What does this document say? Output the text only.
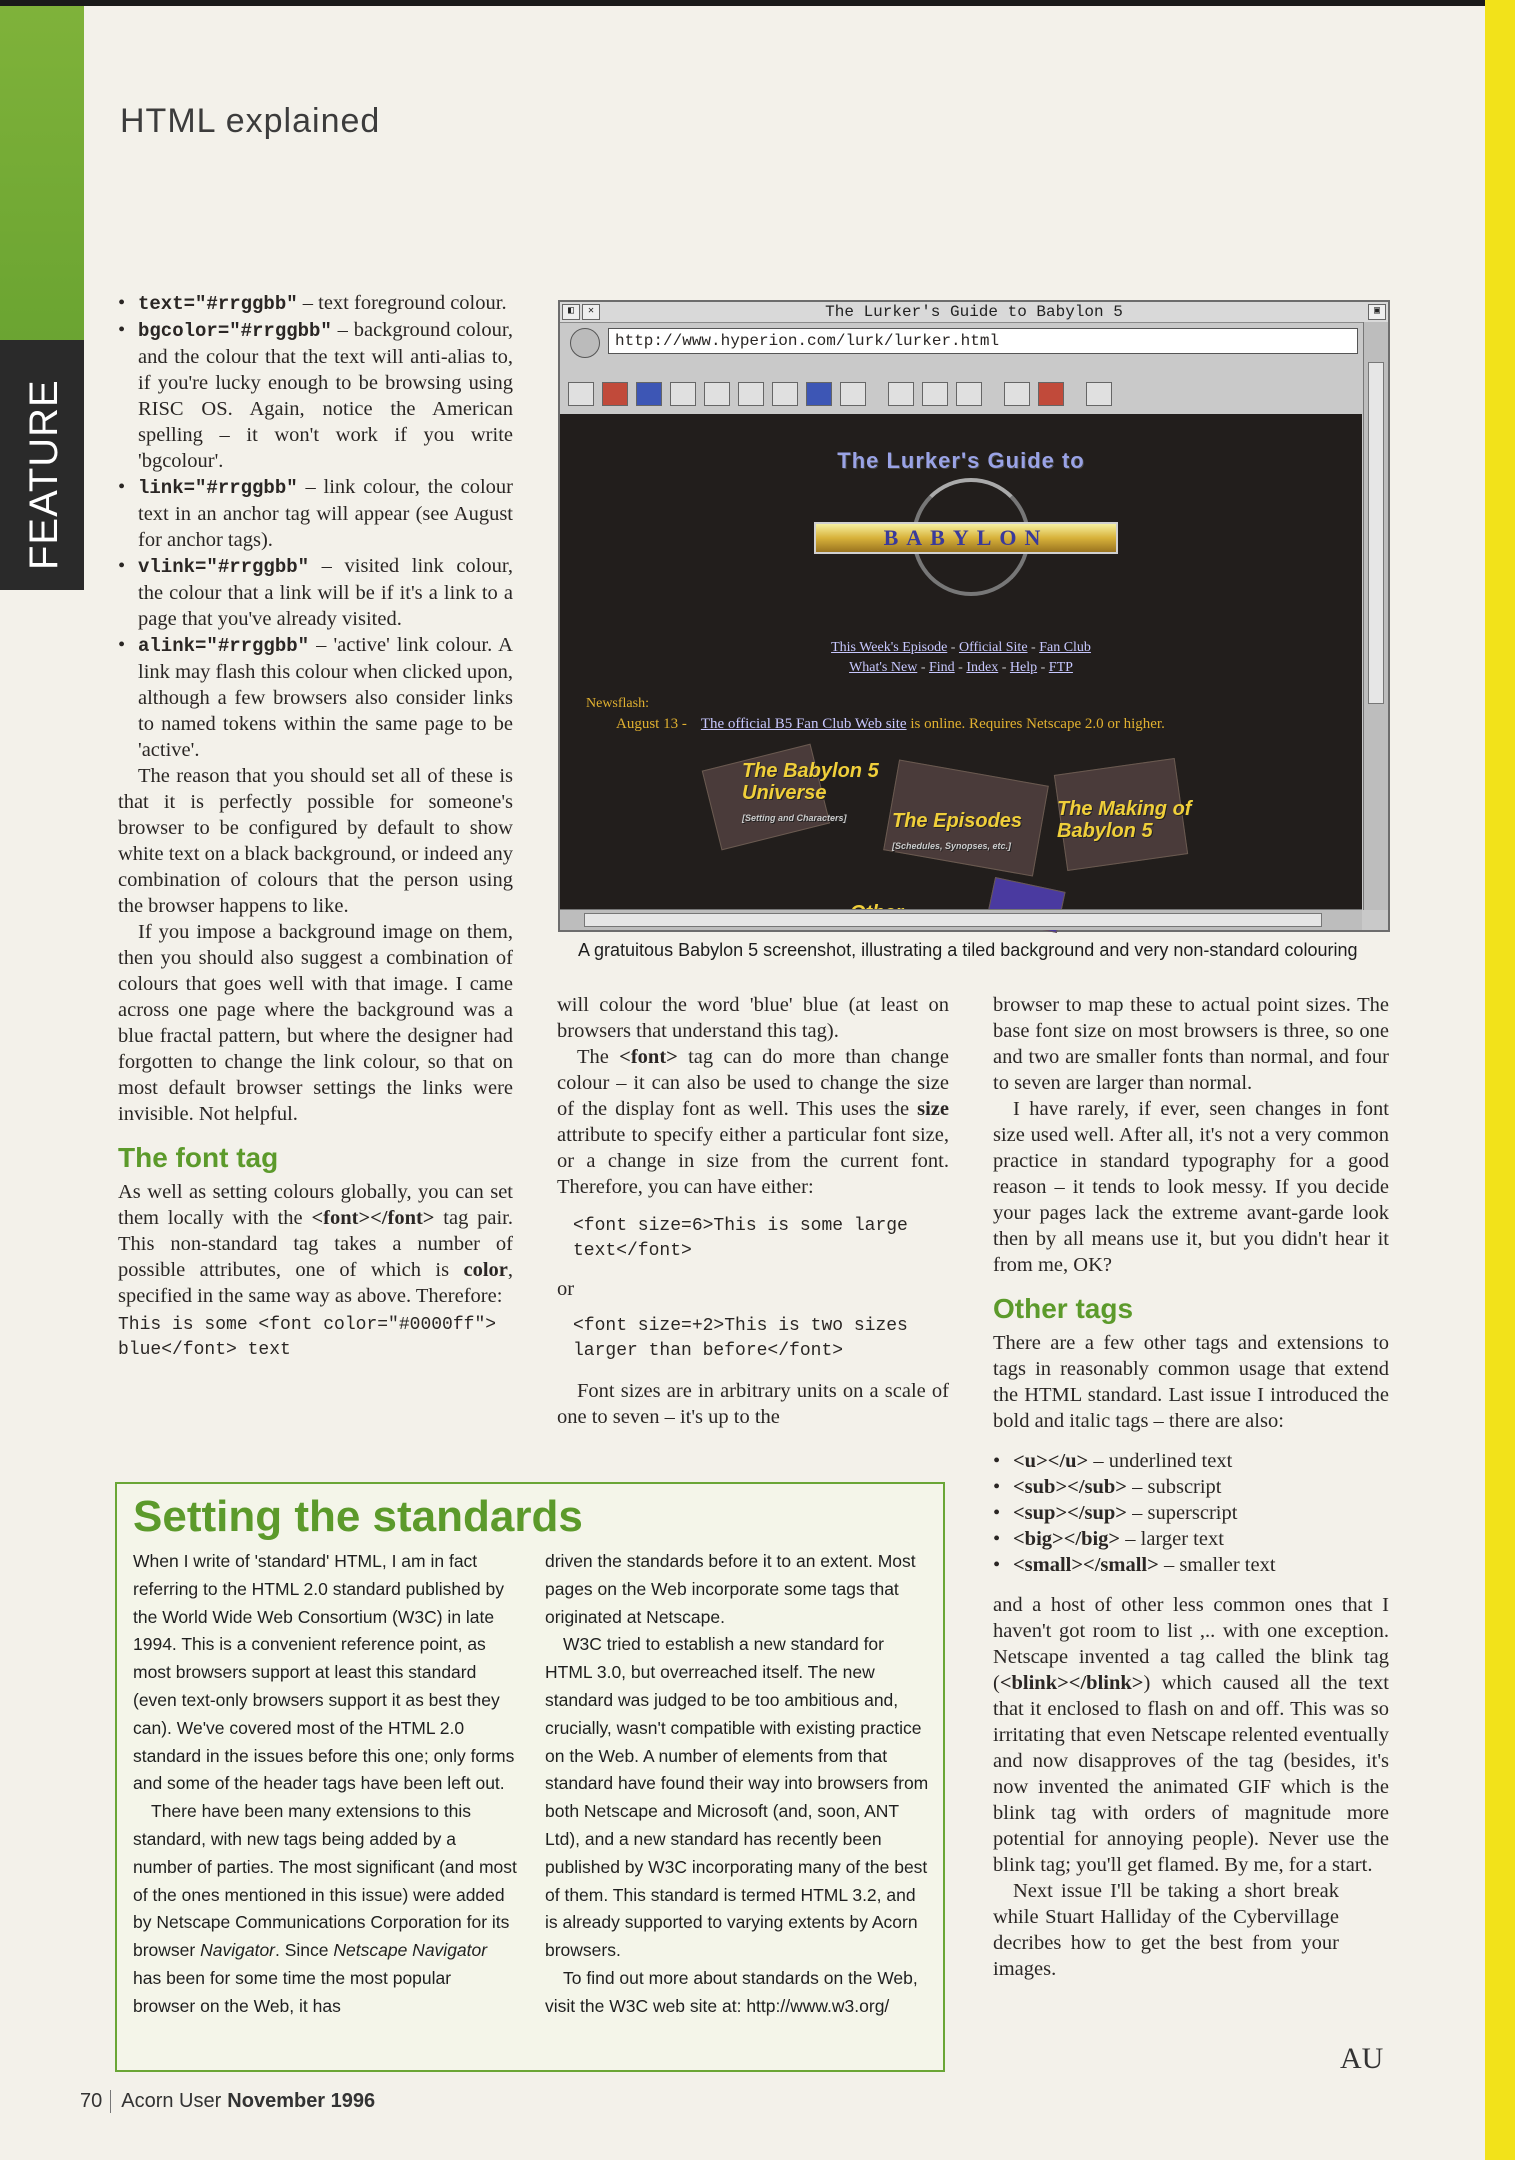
FEATURE
HTML explained
• text="#rrggbb" – text foreground colour.
• bgcolor="#rrggbb" – background colour, and the colour that the text will anti-alias to, if you're lucky enough to be browsing using RISC OS. Again, notice the American spelling – it won't work if you write 'bgcolour'.
• link="#rrggbb" – link colour, the colour text in an anchor tag will appear (see August for anchor tags).
• vlink="#rrggbb" – visited link colour, the colour that a link will be if it's a link to a page that you've already visited.
• alink="#rrggbb" – 'active' link colour. A link may flash this colour when clicked upon, although a few browsers also consider links to named tokens within the same page to be 'active'.

The reason that you should set all of these is that it is perfectly possible for someone's browser to be configured by default to show white text on a black background, or indeed any combination of colours that the person using the browser happens to like.

If you impose a background image on them, then you should also suggest a combination of colours that goes well with that image. I came across one page where the background was a blue fractal pattern, but where the designer had forgotten to change the link colour, so that on most default browser settings the links were invisible. Not helpful.

The font tag

As well as setting colours globally, you can set them locally with the <font></font> tag pair. This non-standard tag takes a number of possible attributes, one of which is color, specified in the same way as above. Therefore:

This is some <font color="#0000ff">
blue</font> text
◧	✕	The Lurker's Guide to Babylon 5	▣
http://www.hyperion.com/lurk/lurker.html

The Lurker's Guide to
BABYLON
This Week's Episode - Official Site - Fan Club
What's New - Find - Index - Help - FTP
Newsflash:
August 13 - The official B5 Fan Club Web site is online. Requires Netscape 2.0 or higher.
The Babylon 5 Universe
[Setting and Characters]	The Episodes
[Schedules, Synopses, etc.]
The Making of Babylon 5
A gratuitous Babylon 5 screenshot, illustrating a tiled background and very non-standard colouring

will colour the word 'blue' blue (at least on browsers that understand this tag).

The <font> tag can do more than change colour – it can also be used to change the size of the display font as well. This uses the size attribute to specify either a particular font size, or a change in size from the current font. Therefore, you can have either:

<font size=6>This is some large
text</font>

or

<font size=+2>This is two sizes
larger than before</font>

Font sizes are in arbitrary units on a scale of one to seven – it's up to the

browser to map these to actual point sizes. The base font size on most browsers is three, so one and two are smaller fonts than normal, and four to seven are larger than normal.

I have rarely, if ever, seen changes in font size used well. After all, it's not a very common practice in standard typography for a good reason – it tends to look messy. If you decide your pages lack the extreme avant-garde look then by all means use it, but you didn't hear it from me, OK?

Other tags

There are a few other tags and extensions to tags in reasonably common usage that extend the HTML standard. Last issue I introduced the bold and italic tags – there are also:

• <u></u> – underlined text
• <sub></sub> – subscript
• <sup></sup> – superscript
• <big></big> – larger text
• <small></small> – smaller text

and a host of other less common ones that I haven't got room to list ,.. with one exception. Netscape invented a tag called the blink tag (<blink></blink>) which caused all the text that it enclosed to flash on and off. This was so irritating that even Netscape relented eventually and now disapproves of the tag (besides, it's now invented the animated GIF which is the blink tag with orders of magnitude more potential for annoying people). Never use the blink tag; you'll get flamed. By me, for a start.

Next issue I'll be taking a short break while Stuart Halliday of the Cybervillage decribes how to get the best from your images.

Setting the standards

When I write of 'standard' HTML, I am in fact referring to the HTML 2.0 standard published by the World Wide Web Consortium (W3C) in late 1994. This is a convenient reference point, as most browsers support at least this standard (even text-only browsers support it as best they can). We've covered most of the HTML 2.0 standard in the issues before this one; only forms and some of the header tags have been left out.

There have been many extensions to this standard, with new tags being added by a number of parties. The most significant (and most of the ones mentioned in this issue) were added by Netscape Communications Corporation for its browser Navigator. Since Netscape Navigator has been for some time the most popular browser on the Web, it has

driven the standards before it to an extent. Most pages on the Web incorporate some tags that originated at Netscape.

W3C tried to establish a new standard for HTML 3.0, but overreached itself. The new standard was judged to be too ambitious and, crucially, wasn't compatible with existing practice on the Web. A number of elements from that standard have found their way into browsers from both Netscape and Microsoft (and, soon, ANT Ltd), and a new standard has recently been published by W3C incorporating many of the best of them. This standard is termed HTML 3.2, and is already supported to varying extents by Acorn browsers.

To find out more about standards on the Web, visit the W3C web site at: http://www.w3.org/

AU
70 Acorn User November 1996
